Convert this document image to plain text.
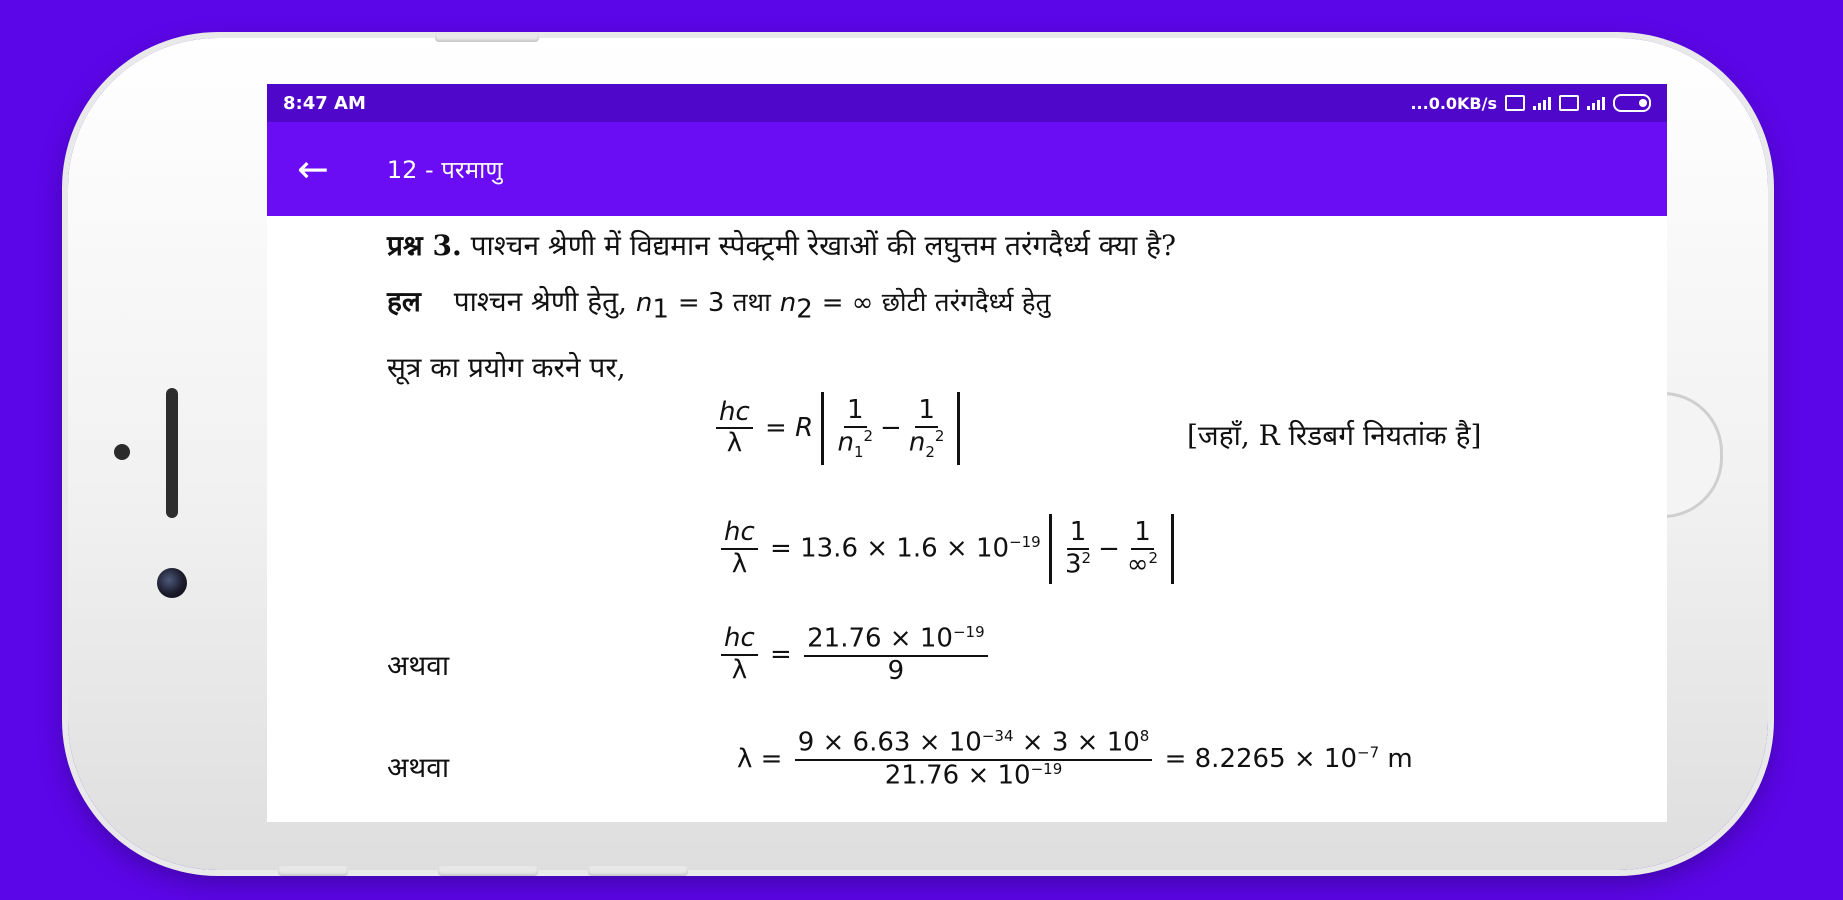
8:47 AM	...0.0KB/s
← 12 - परमाणु
प्रश्न 3. पाश्चन श्रेणी में विद्यमान स्पेक्ट्रमी रेखाओं की लघुत्तम तरंगदैर्ध्य क्या है?
हल पाश्चन श्रेणी हेतु, $n_1 = 3$ तथा $n_2$ = ∞ छोटी तरंगदैर्ध्य हेतु
सूत्र का प्रयोग करने पर,
$\frac{hc}{\lambda} = R \frac{1}{n_1^2} - \frac{1}{n_2^2}$	[जहाँ, R रिडबर्ग नियतांक है]
$\frac{hc}{\lambda} = 13.6 \times 1.6 \times 10^{-19} \frac{1}{3^2} - \frac{1}{\infty^2}$
अथवा	$\frac{hc}{\lambda} = \frac{21.76 \times 10^{-19}}{9}$
अथवा	$\lambda = \frac{9 \times 6.63 \times 10^{-34} \times 3 \times 10^8}{21.76 \times 10^{-19}} = 8.2265 \times 10^{-7}$ m
